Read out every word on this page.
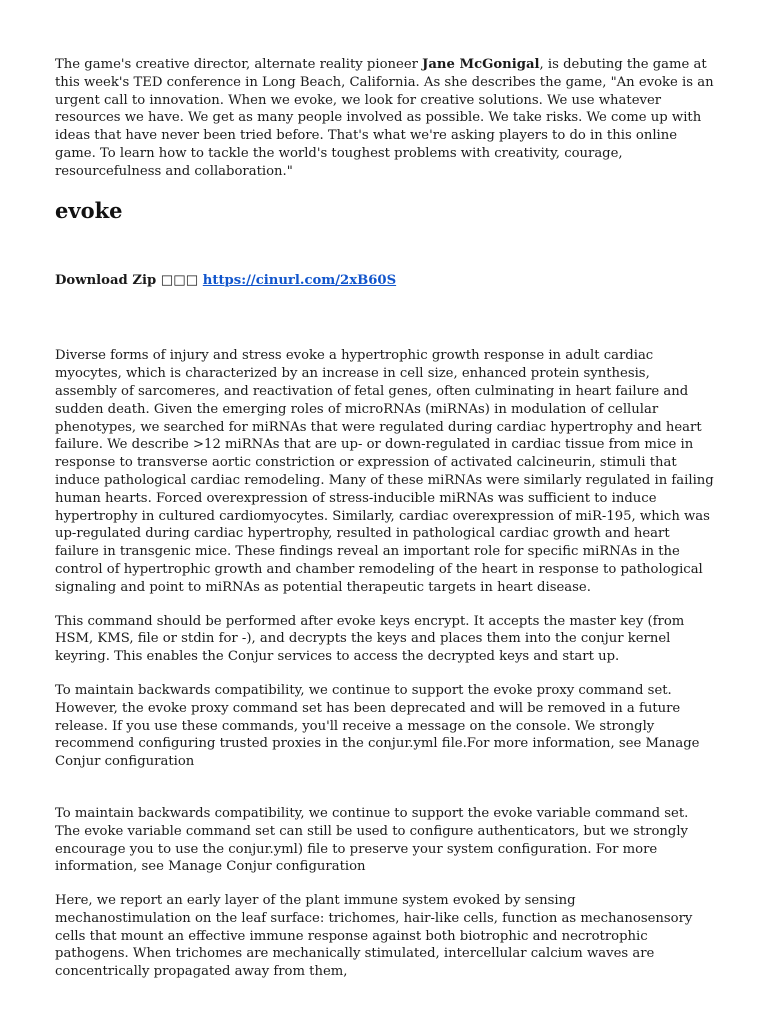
The game's creative director, alternate reality pioneer Jane McGonigal, is debuting the game at this week's TED conference in Long Beach, California. As she describes the game, "An evoke is an urgent call to innovation. When we evoke, we look for creative solutions. We use whatever resources we have. We get as many people involved as possible. We take risks. We come up with ideas that have never been tried before. That's what we're asking players to do in this online game. To learn how to tackle the world's toughest problems with creativity, courage, resourcefulness and collaboration."

evoke

Download Zip □□□ https://cinurl.com/2xB60S

Diverse forms of injury and stress evoke a hypertrophic growth response in adult cardiac myocytes, which is characterized by an increase in cell size, enhanced protein synthesis, assembly of sarcomeres, and reactivation of fetal genes, often culminating in heart failure and sudden death. Given the emerging roles of microRNAs (miRNAs) in modulation of cellular phenotypes, we searched for miRNAs that were regulated during cardiac hypertrophy and heart failure. We describe >12 miRNAs that are up- or down-regulated in cardiac tissue from mice in response to transverse aortic constriction or expression of activated calcineurin, stimuli that induce pathological cardiac remodeling. Many of these miRNAs were similarly regulated in failing human hearts. Forced overexpression of stress-inducible miRNAs was sufficient to induce hypertrophy in cultured cardiomyocytes. Similarly, cardiac overexpression of miR-195, which was up-regulated during cardiac hypertrophy, resulted in pathological cardiac growth and heart failure in transgenic mice. These findings reveal an important role for specific miRNAs in the control of hypertrophic growth and chamber remodeling of the heart in response to pathological signaling and point to miRNAs as potential therapeutic targets in heart disease.

This command should be performed after evoke keys encrypt. It accepts the master key (from HSM, KMS, file or stdin for -), and decrypts the keys and places them into the conjur kernel keyring. This enables the Conjur services to access the decrypted keys and start up.

To maintain backwards compatibility, we continue to support the evoke proxy command set. However, the evoke proxy command set has been deprecated and will be removed in a future release. If you use these commands, you'll receive a message on the console. We strongly recommend configuring trusted proxies in the conjur.yml file.For more information, see Manage Conjur configuration

To maintain backwards compatibility, we continue to support the evoke variable command set. The evoke variable command set can still be used to configure authenticators, but we strongly encourage you to use the conjur.yml) file to preserve your system configuration. For more information, see Manage Conjur configuration

Here, we report an early layer of the plant immune system evoked by sensing mechanostimulation on the leaf surface: trichomes, hair-like cells, function as mechanosensory cells that mount an effective immune response against both biotrophic and necrotrophic pathogens. When trichomes are mechanically stimulated, intercellular calcium waves are concentrically propagated away from them,
